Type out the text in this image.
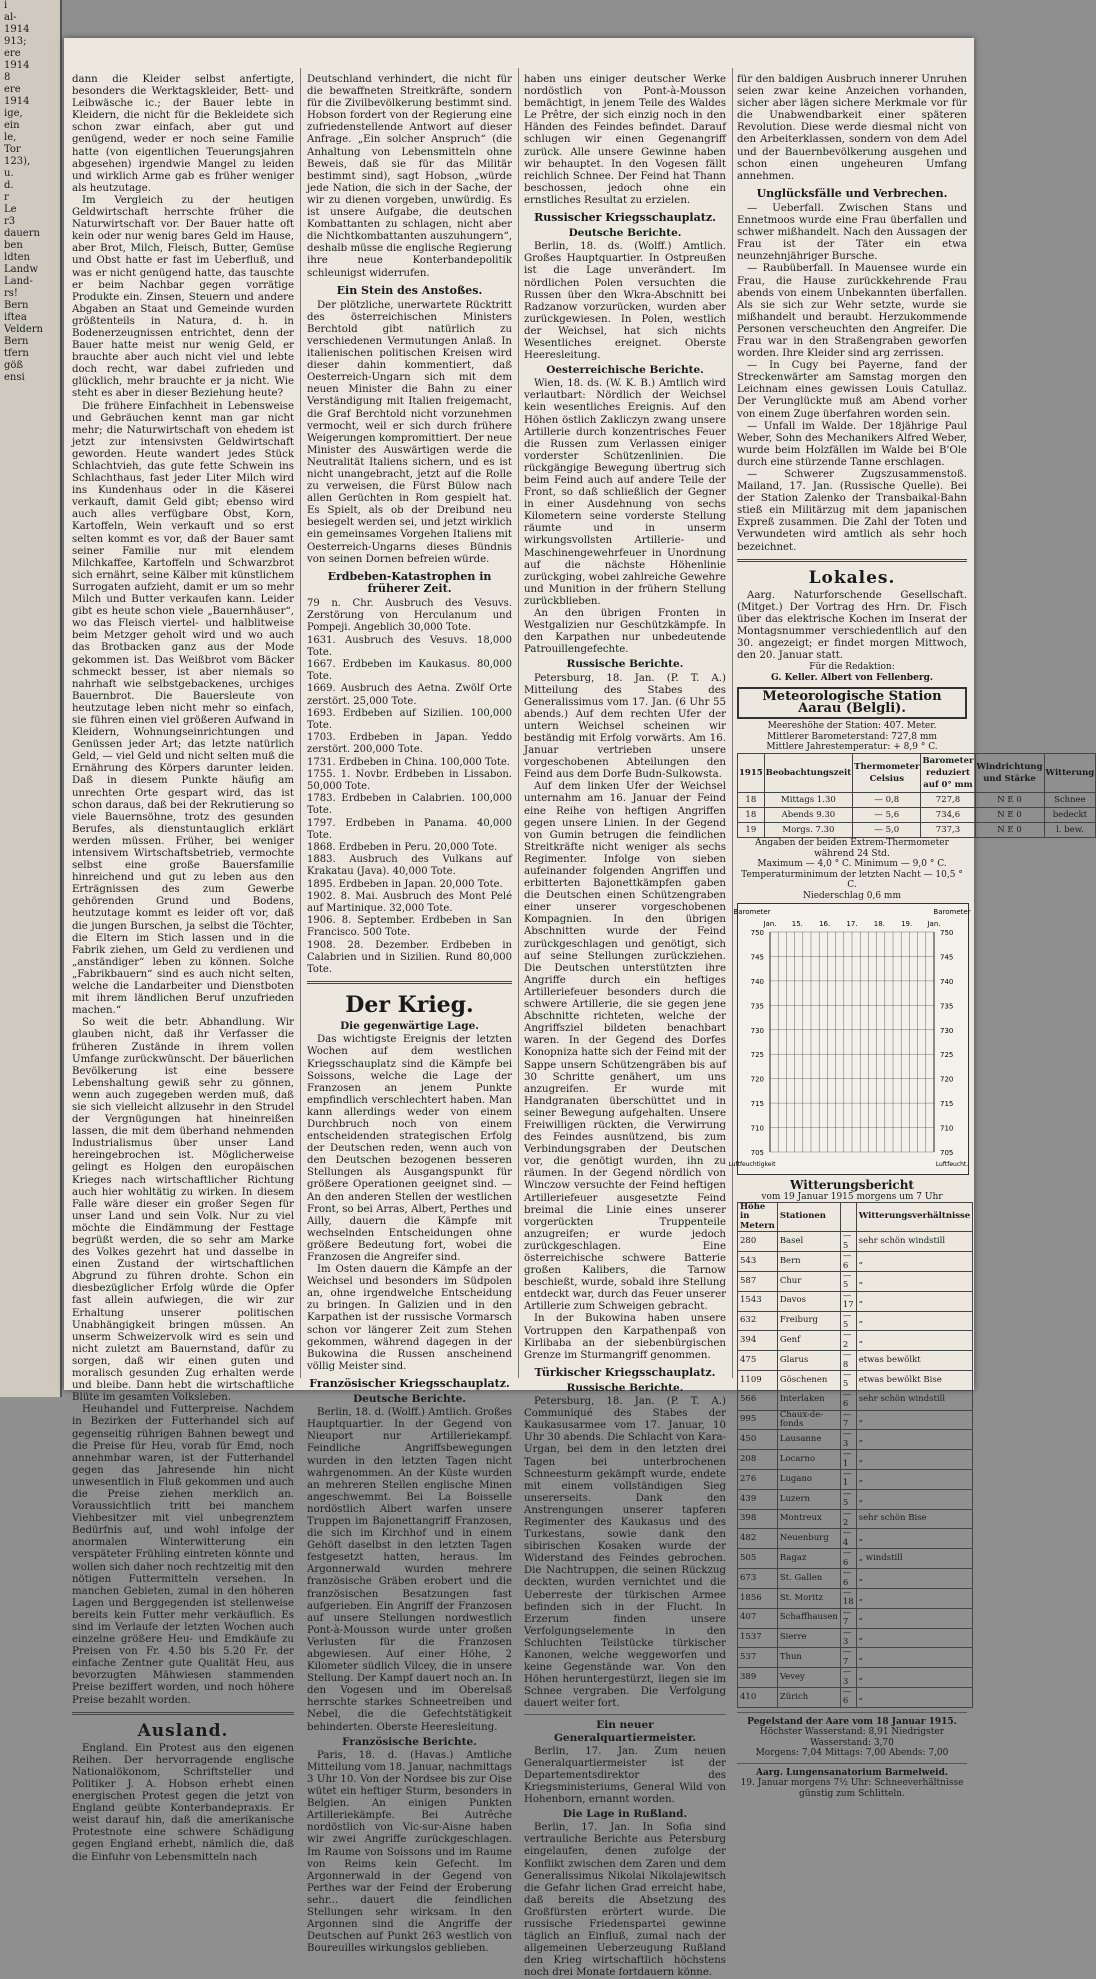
i
al-
1914
913;
ere
1914
8
ere
1914
ige,
ein
le,
Tor
123),
u.
d.
r
Le
r3
dauern
ben
ldten
Landw
Land-
rs!
Bern
iftea
Veldern
Bern
tfern
göß
ensi

dann die Kleider selbst anfertigte, besonders die Werktagskleider, Bett- und Leibwäsche ic.; der Bauer lebte in Kleidern, die nicht für die Bekleidete sich schon zwar einfach, aber gut und genügend, weder er noch seine Familie hatte (von eigentlichen Teuerungsjahren abgesehen) irgendwie Mangel zu leiden und wirklich Arme gab es früher weniger als heutzutage.

Im Vergleich zu der heutigen Geldwirtschaft herrschte früher die Naturwirtschaft vor. Der Bauer hatte oft kein oder nur wenig bares Geld im Hause, aber Brot, Milch, Fleisch, Butter, Gemüse und Obst hatte er fast im Ueberfluß, und was er nicht genügend hatte, das tauschte er beim Nachbar gegen vorrätige Produkte ein. Zinsen, Steuern und andere Abgaben an Staat und Gemeinde wurden größtenteils in Natura, d. h. in Bodenerzeugnissen entrichtet, denn der Bauer hatte meist nur wenig Geld, er brauchte aber auch nicht viel und lebte doch recht, war dabei zufrieden und glücklich, mehr brauchte er ja nicht. Wie steht es aber in dieser Beziehung heute?

Die frühere Einfachheit in Lebensweise und Gebräuchen kennt man gar nicht mehr; die Naturwirtschaft von ehedem ist jetzt zur intensivsten Geldwirtschaft geworden. Heute wandert jedes Stück Schlachtvieh, das gute fette Schwein ins Schlachthaus, fast jeder Liter Milch wird ins Kundenhaus oder in die Käserei verkauft, damit Geld gibt; ebenso wird auch alles verfügbare Obst, Korn, Kartoffeln, Wein verkauft und so erst selten kommt es vor, daß der Bauer samt seiner Familie nur mit elendem Milchkaffee, Kartoffeln und Schwarzbrot sich ernährt, seine Kälber mit künstlichem Surrogaten aufzieht, damit er um so mehr Milch und Butter verkaufen kann. Leider gibt es heute schon viele „Bauernhäuser“, wo das Fleisch viertel- und halblitweise beim Metzger geholt wird und wo auch das Brotbacken ganz aus der Mode gekommen ist. Das Weißbrot vom Bäcker schmeckt besser, ist aber niemals so nahrhaft wie selbstgebackenes, urchiges Bauernbrot. Die Bauersleute von heutzutage leben nicht mehr so einfach, sie führen einen viel größeren Aufwand in Kleidern, Wohnungseinrichtungen und Genüssen jeder Art; das letzte natürlich Geld, — viel Geld und nicht selten muß die Ernährung des Körpers darunter leiden. Daß in diesem Punkte häufig am unrechten Orte gespart wird, das ist schon daraus, daß bei der Rekrutierung so viele Bauernsöhne, trotz des gesunden Berufes, als dienstuntauglich erklärt werden müssen. Früher, bei weniger intensivem Wirtschaftsbetrieb, vermochte selbst eine große Bauersfamilie hinreichend und gut zu leben aus den Erträgnissen des zum Gewerbe gehörenden Grund und Bodens, heutzutage kommt es leider oft vor, daß die jungen Burschen, ja selbst die Töchter, die Eltern im Stich lassen und in die Fabrik ziehen, um Geld zu verdienen und „anständiger“ leben zu können. Solche „Fabrikbauern“ sind es auch nicht selten, welche die Landarbeiter und Dienstboten mit ihrem ländlichen Beruf unzufrieden machen.“

So weit die betr. Abhandlung. Wir glauben nicht, daß ihr Verfasser die früheren Zustände in ihrem vollen Umfange zurückwünscht. Der bäuerlichen Bevölkerung ist eine bessere Lebenshaltung gewiß sehr zu gönnen, wenn auch zugegeben werden muß, daß sie sich vielleicht allzusehr in den Strudel der Vergnügungen hat hineinreißen lassen, die mit dem überhand nehmenden Industrialismus über unser Land hereingebrochen ist. Möglicherweise gelingt es Holgen den europäischen Krieges nach wirtschaftlicher Richtung auch hier wohltätig zu wirken. In diesem Falle wäre dieser ein großer Segen für unser Land und sein Volk. Nur zu viel möchte die Eindämmung der Festtage begrüßt werden, die so sehr am Marke des Volkes gezehrt hat und dasselbe in einen Zustand der wirtschaftlichen Abgrund zu führen drohte. Schon ein diesbezüglicher Erfolg würde die Opfer fast allein aufwiegen, die wir zur Erhaltung unserer politischen Unabhängigkeit bringen müssen. An unserm Schweizervolk wird es sein und nicht zuletzt am Bauernstand, dafür zu sorgen, daß wir einen guten und moralisch gesunden Zug erhalten werde und bleibe. Dann hebt die wirtschaftliche Blüte im gesamten Volksleben.

Heuhandel und Futterpreise. Nachdem in Bezirken der Futterhandel sich auf gegenseitig rührigen Bahnen bewegt und die Preise für Heu, vorab für Emd, noch annehmbar waren, ist der Futterhandel gegen das Jahresende hin nicht unwesentlich in Fluß gekommen und auch die Preise ziehen merklich an. Voraussichtlich tritt bei manchem Viehbesitzer mit viel unbegrenztem Bedürfnis auf, und wohl infolge der anormalen Winterwitterung ein verspäteter Frühling eintreten könnte und wollen sich daher noch rechtzeitig mit den nötigen Futtermitteln versehen. In manchen Gebieten, zumal in den höheren Lagen und Berggegenden ist stellenweise bereits kein Futter mehr verkäuflich. Es sind im Verlaufe der letzten Wochen auch einzelne größere Heu- und Emdkäufe zu Preisen von Fr. 4.50 bis 5.20 Fr. der einfache Zentner gute Qualität Heu, aus bevorzugten Mähwiesen stammenden Preise beziffert worden, und noch höhere Preise bezahlt worden.

Ausland.

England. Ein Protest aus den eigenen Reihen. Der hervorragende englische Nationalökonom, Schriftsteller und Politiker J. A. Hobson erhebt einen energischen Protest gegen die jetzt von England geübte Konterbandepraxis. Er weist darauf hin, daß die amerikanische Protestnote eine schwere Schädigung gegen England erhebt, nämlich die, daß die Einfuhr von Lebensmitteln nach

Deutschland verhindert, die nicht für die bewaffneten Streitkräfte, sondern für die Zivilbevölkerung bestimmt sind. Hobson fordert von der Regierung eine zufriedenstellende Antwort auf dieser Anfrage. „Ein solcher Anspruch“ (die Anhaltung von Lebensmitteln ohne Beweis, daß sie für das Militär bestimmt sind), sagt Hobson, „würde jede Nation, die sich in der Sache, der wir zu dienen vorgeben, unwürdig. Es ist unsere Aufgabe, die deutschen Kombattanten zu schlagen, nicht aber die Nichtkombattanten auszuhungern“, deshalb müsse die englische Regierung ihre neue Konterbandepolitik schleunigst widerrufen.

Ein Stein des Anstoßes.

Der plötzliche, unerwartete Rücktritt des österreichischen Ministers Berchtold gibt natürlich zu verschiedenen Vermutungen Anlaß. In italienischen politischen Kreisen wird dieser dahin kommentiert, daß Oesterreich-Ungarn sich mit dem neuen Minister die Bahn zu einer Verständigung mit Italien freigemacht, die Graf Berchtold nicht vorzunehmen vermocht, weil er sich durch frühere Weigerungen kompromittiert. Der neue Minister des Auswärtigen werde die Neutralität Italiens sichern, und es ist nicht unangebracht, jetzt auf die Rolle zu verweisen, die Fürst Bülow nach allen Gerüchten in Rom gespielt hat. Es Spielt, als ob der Dreibund neu besiegelt werden sei, und jetzt wirklich ein gemeinsames Vorgehen Italiens mit Oesterreich-Ungarns dieses Bündnis von seinen Dornen befreien würde.

Erdbeben-Katastrophen in früherer Zeit.
79 n. Chr. Ausbruch des Vesuvs. Zerstörung von Herculanum und Pompeji. Angeblich 30,000 Tote.
1631. Ausbruch des Vesuvs. 18,000 Tote.
1667. Erdbeben im Kaukasus. 80,000 Tote.
1669. Ausbruch des Aetna. Zwölf Orte zerstört. 25,000 Tote.
1693. Erdbeben auf Sizilien. 100,000 Tote.
1703. Erdbeben in Japan. Yeddo zerstört. 200,000 Tote.
1731. Erdbeben in China. 100,000 Tote.
1755. 1. Novbr. Erdbeben in Lissabon. 50,000 Tote.
1783. Erdbeben in Calabrien. 100,000 Tote.
1797. Erdbeben in Panama. 40,000 Tote.
1868. Erdbeben in Peru. 20,000 Tote.
1883. Ausbruch des Vulkans auf Krakatau (Java). 40,000 Tote.
1895. Erdbeben in Japan. 20,000 Tote.
1902. 8. Mai. Ausbruch des Mont Pelé auf Martinique. 32,000 Tote.
1906. 8. September. Erdbeben in San Francisco. 500 Tote.
1908. 28. Dezember. Erdbeben in Calabrien und in Sizilien. Rund 80,000 Tote.
Der Krieg.
Die gegenwärtige Lage.

Das wichtigste Ereignis der letzten Wochen auf dem westlichen Kriegsschauplatz sind die Kämpfe bei Soissons, welche die Lage der Franzosen an jenem Punkte empfindlich verschlechtert haben. Man kann allerdings weder von einem Durchbruch noch von einem entscheidenden strategischen Erfolg der Deutschen reden, wenn auch von den Deutschen bezogenen besseren Stellungen als Ausgangspunkt für größere Operationen geeignet sind. — An den anderen Stellen der westlichen Front, so bei Arras, Albert, Perthes und Ailly, dauern die Kämpfe mit wechselnden Entscheidungen ohne größere Bedeutung fort, wobei die Franzosen die Angreifer sind.

Im Osten dauern die Kämpfe an der Weichsel und besonders im Südpolen an, ohne irgendwelche Entscheidung zu bringen. In Galizien und in den Karpathen ist der russische Vormarsch schon vor längerer Zeit zum Stehen gekommen, während dagegen in der Bukowina die Russen anscheinend völlig Meister sind.

Französischer Kriegsschauplatz.
Deutsche Berichte.

Berlin, 18. d. (Wolff.) Amtlich. Großes Hauptquartier. In der Gegend von Nieuport nur Artilleriekampf. Feindliche Angriffsbewegungen wurden in den letzten Tagen nicht wahrgenommen. An der Küste wurden an mehreren Stellen englische Minen angeschwemmt. Bei La Boisselle nordöstlich Albert warfen unsere Truppen im Bajonettangriff Franzosen, die sich im Kirchhof und in einem Gehöft daselbst in den letzten Tagen festgesetzt hatten, heraus. Im Argonnerwald wurden mehrere französische Gräben erobert und die französischen Besatzungen fast aufgerieben. Ein Angriff der Franzosen auf unsere Stellungen nordwestlich Pont-à-Mousson wurde unter großen Verlusten für die Franzosen abgewiesen. Auf einer Höhe, 2 Kilometer südlich Vilcey, die in unsere Stellung. Der Kampf dauert noch an. In den Vogesen und im Oberelsaß herrschte starkes Schneetreiben und Nebel, die die Gefechtstätigkeit behinderten. Oberste Heeresleitung.

Französische Berichte.

Paris, 18. d. (Havas.) Amtliche Mitteilung vom 18. Januar, nachmittags 3 Uhr 10. Von der Nordsee bis zur Oise wütet ein heftiger Sturm, besonders in Belgien. An einigen Punkten Artilleriekämpfe. Bei Autrêche nordöstlich von Vic-sur-Aisne haben wir zwei Angriffe zurückgeschlagen. Im Raume von Soissons und im Raume von Reims kein Gefecht. Im Argonnerwald in der Gegend von Perthes war der Feind der Eroberung sehr... dauert die feindlichen Stellungen sehr wirksam. In den Argonnen sind die Angriffe der Deutschen auf Punkt 263 westlich von Boureuilles wirkungslos geblieben.

haben uns einiger deutscher Werke nordöstlich von Pont-à-Mousson bemächtigt, in jenem Teile des Waldes Le Prêtre, der sich einzig noch in den Händen des Feindes befindet. Darauf schlugen wir einen Gegenangriff zurück. Alle unsere Gewinne haben wir behauptet. In den Vogesen fällt reichlich Schnee. Der Feind hat Thann beschossen, jedoch ohne ein ernstliches Resultat zu erzielen.

Russischer Kriegsschauplatz.
Deutsche Berichte.

Berlin, 18. ds. (Wolff.) Amtlich. Großes Hauptquartier. In Ostpreußen ist die Lage unverändert. Im nördlichen Polen versuchten die Russen über den Wkra-Abschnitt bei Radzanow vorzurücken, wurden aber zurückgewiesen. In Polen, westlich der Weichsel, hat sich nichts Wesentliches ereignet. Oberste Heeresleitung.

Oesterreichische Berichte.

Wien, 18. ds. (W. K. B.) Amtlich wird verlautbart: Nördlich der Weichsel kein wesentliches Ereignis. Auf den Höhen östlich Zakliczyn zwang unsere Artillerie durch konzentrisches Feuer die Russen zum Verlassen einiger vorderster Schützenlinien. Die rückgängige Bewegung übertrug sich beim Feind auch auf andere Teile der Front, so daß schließlich der Gegner in einer Ausdehnung von sechs Kilometern seine vorderste Stellung räumte und in unserm wirkungsvollsten Artillerie- und Maschinengewehrfeuer in Unordnung auf die nächste Höhenlinie zurückging, wobei zahlreiche Gewehre und Munition in der frühern Stellung zurückblieben.

An den übrigen Fronten in Westgalizien nur Geschützkämpfe. In den Karpathen nur unbedeutende Patrouillengefechte.

Russische Berichte.

Petersburg, 18. Jan. (P. T. A.) Mitteilung des Stabes des Generalissimus vom 17. Jan. (6 Uhr 55 abends.) Auf dem rechten Ufer der untern Weichsel scheinen wir beständig mit Erfolg vorwärts. Am 16. Januar vertrieben unsere vorgeschobenen Abteilungen den Feind aus dem Dorfe Budn-Sulkowsta.

Auf dem linken Ufer der Weichsel unternahm am 16. Januar der Feind eine Reihe von heftigen Angriffen gegen unsere Linien. In der Gegend von Gumin betrugen die feindlichen Streitkräfte nicht weniger als sechs Regimenter. Infolge von sieben aufeinander folgenden Angriffen und erbitterten Bajonettkämpfen gaben die Deutschen einen Schützengraben einer unserer vorgeschobenen Kompagnien. In den übrigen Abschnitten wurde der Feind zurückgeschlagen und genötigt, sich auf seine Stellungen zurückziehen. Die Deutschen unterstützten ihre Angriffe durch ein heftiges Artilleriefeuer besonders durch die schwere Artillerie, die sie gegen jene Abschnitte richteten, welche der Angriffsziel bildeten benachbart waren. In der Gegend des Dorfes Konopniza hatte sich der Feind mit der Sappe unsern Schützengräben bis auf 30 Schritte genähert, um uns anzugreifen. Er wurde mit Handgranaten überschüttet und in seiner Bewegung aufgehalten. Unsere Freiwilligen rückten, die Verwirrung des Feindes ausnützend, bis zum Verbindungsgraben der Deutschen vor, die genötigt wurden, ihn zu räumen. In der Gegend nördlich von Winczow versuchte der Feind heftigen Artilleriefeuer ausgesetzte Feind breimal die Linie eines unserer vorgerückten Truppenteile anzugreifen; er wurde jedoch zurückgeschlagen. Eine österreichische schwere Batterie großen Kalibers, die Tarnow beschießt, wurde, sobald ihre Stellung entdeckt war, durch das Feuer unserer Artillerie zum Schweigen gebracht.

In der Bukowina haben unsere Vortruppen den Karpathenpaß von Kirlibaba an der siebenbürgischen Grenze im Sturmangriff genommen.

Türkischer Kriegsschauplatz.
Russische Berichte.

Petersburg, 18. Jan. (P. T. A.) Communiqué des Stabes der Kaukasusarmee vom 17. Januar, 10 Uhr 30 abends. Die Schlacht von Kara-Urgan, bei dem in den letzten drei Tagen bei unterbrochenen Schneesturm gekämpft wurde, endete mit einem vollständigen Sieg unsererseits. Dank den Anstrengungen unserer tapferen Regimenter des Kaukasus und des Turkestans, sowie dank den sibirischen Kosaken wurde der Widerstand des Feindes gebrochen. Die Nachtruppen, die seinen Rückzug deckten, wurden vernichtet und die Ueberreste der türkischen Armee befinden sich in der Flucht. In Erzerum finden unsere Verfolgungselemente in den Schluchten Teilstücke türkischer Kanonen, welche weggeworfen und keine Gegenstände war. Von den Höhen heruntergestürzt, liegen sie im Schnee vergraben. Die Verfolgung dauert weiter fort.

Ein neuer Generalquartiermeister.

Berlin, 17. Jan. Zum neuen Generalquartiermeister ist der Departementsdirektor des Kriegsministeriums, General Wild von Hohenborn, ernannt worden.

Die Lage in Rußland.

Berlin, 17. Jan. In Sofia sind vertrauliche Berichte aus Petersburg eingelaufen, denen zufolge der Konflikt zwischen dem Zaren und dem Generalissimus Nikolai Nikolajewitsch die Gefahr lichen Grad erreicht habe, daß bereits die Absetzung des Großfürsten erörtert wurde. Die russische Friedenspartei gewinne täglich an Einfluß, zumal nach der allgemeinen Ueberzeugung Rußland den Krieg wirtschaftlich höchstens noch drei Monate fortdauern könne.

für den baldigen Ausbruch innerer Unruhen seien zwar keine Anzeichen vorhanden, sicher aber lägen sichere Merkmale vor für die Unabwendbarkeit einer späteren Revolution. Diese werde diesmal nicht von den Arbeiterklassen, sondern von dem Adel und der Bauernbevölkerung ausgehen und schon einen ungeheuren Umfang annehmen.

Unglücksfälle und Verbrechen.

— Ueberfall. Zwischen Stans und Ennetmoos wurde eine Frau überfallen und schwer mißhandelt. Nach den Aussagen der Frau ist der Täter ein etwa neunzehnjähriger Bursche.

— Raubüberfall. In Mauensee wurde ein Frau, die Hause zurückkehrende Frau abends von einem Unbekannten überfallen. Als sie sich zur Wehr setzte, wurde sie mißhandelt und beraubt. Herzukommende Personen verscheuchten den Angreifer. Die Frau war in den Straßengraben geworfen worden. Ihre Kleider sind arg zerrissen.

— In Cugy bei Payerne, fand der Streckenwärter am Samstag morgen den Leichnam eines gewissen Louis Catullaz. Der Verunglückte muß am Abend vorher von einem Zuge überfahren worden sein.

— Unfall im Walde. Der 18jährige Paul Weber, Sohn des Mechanikers Alfred Weber, wurde beim Holzfällen im Walde bei B'Ole durch eine stürzende Tanne erschlagen.

— Schwerer Zugszusammenstoß. Mailand, 17. Jan. (Russische Quelle). Bei der Station Zalenko der Transbaikal-Bahn stieß ein Militärzug mit dem japanischen Expreß zusammen. Die Zahl der Toten und Verwundeten wird amtlich als sehr hoch bezeichnet.

Lokales.

Aarg. Naturforschende Gesellschaft. (Mitget.) Der Vortrag des Hrn. Dr. Fisch über das elektrische Kochen im Inserat der Montagsnummer verschiedentlich auf den 30. angezeigt; er findet morgen Mittwoch, den 20. Januar statt.

Für die Redaktion:
G. Keller. Albert von Fellenberg.
Meteorologische Station Aarau (Belgli).
Meereshöhe der Station: 407. Meter.
Mittlerer Barometerstand: 727,8 mm
Mittlere Jahrestemperatur: + 8,9 ° C.
1915	Beobachtungszeit	Thermometer Celsius	Barometer reduziert auf 0° mm	Windrichtung und Stärke	Witterung
18	Mittags 1.30	— 0,8	727,8	N E 0	Schnee
18	Abends 9.30	— 5,6	734,6	N E 0	bedeckt
19	Morgs. 7.30	— 5,0	737,3	N E 0	l. bew.
Angaben der beiden Extrem-Thermometer während 24 Std.
Maximum — 4,0 ° C. Minimum — 9,0 ° C.
Temperaturminimum der letzten Nacht — 10,5 ° C.
Niederschlag 0,6 mm
Barometer	Barometer
Jan. 15. 16. 17. 18. 19. Jan.
750	750
745	745
740	740
735	735
730	730
725	725
720	720
715	715
710	710
705	705
Luftfeuchtigkeit	Luftfeucht.
Witterungsbericht
vom 19 Januar 1915 morgens um 7 Uhr
Höhe in Metern	Stationen		Witterungsverhältnisse
280	Basel	— 5	sehr schön windstill
543	Bern	— 6	„
587	Chur	— 5	„
1543	Davos	—17	„
632	Freiburg	— 5	„
394	Genf	— 2	„
475	Glarus	— 8	etwas bewölkt
1109	Göschenen	— 5	etwas bewölkt Bise
566	Interlaken	— 6	sehr schön windstill
995	Chaux-de-fonds	— 7	„
450	Lausanne	— 3	„
208	Locarno	— 1	„
276	Lugano	— 1	„
439	Luzern	— 5	„
398	Montreux	— 2	sehr schön Bise
482	Neuenburg	— 4	„
505	Ragaz	— 6	„ windstill
673	St. Gallen	— 6	„
1856	St. Moritz	—18	„
407	Schaffhausen	— 7	„
1537	Sierre	— 3	„
537	Thun	— 7	„
389	Vevey	— 3	„
410	Zürich	— 6	„
Pegelstand der Aare vom 18 Januar 1915.
Höchster Wasserstand: 8,91 Niedrigster Wasserstand: 3,70
Morgens: 7,04 Mittags: 7,00 Abends: 7,00
Aarg. Lungensanatorium Barmelweid.
19. Januar morgens 7½ Uhr: Schneeverhältnisse günstig zum Schlitteln.
